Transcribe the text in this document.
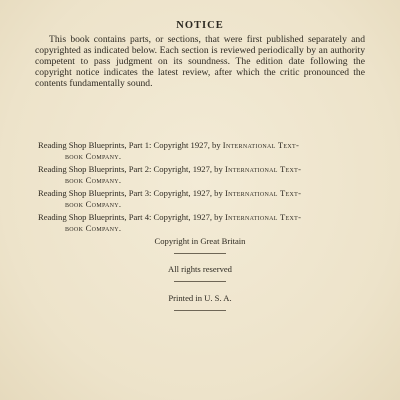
NOTICE
This book contains parts, or sections, that were first published separately and copyrighted as indicated below. Each section is reviewed periodically by an authority competent to pass judgment on its soundness. The edition date following the copyright notice indicates the latest review, after which the critic pronounced the contents fundamentally sound.
Reading Shop Blueprints, Part 1: Copyright 1927, by International Text-
book Company.
Reading Shop Blueprints, Part 2: Copyright, 1927, by International Text-
book Company.
Reading Shop Blueprints, Part 3: Copyright, 1927, by International Text-
book Company.
Reading Shop Blueprints, Part 4: Copyright, 1927, by International Text-
book Company.
Copyright in Great Britain
All rights reserved
Printed in U. S. A.
